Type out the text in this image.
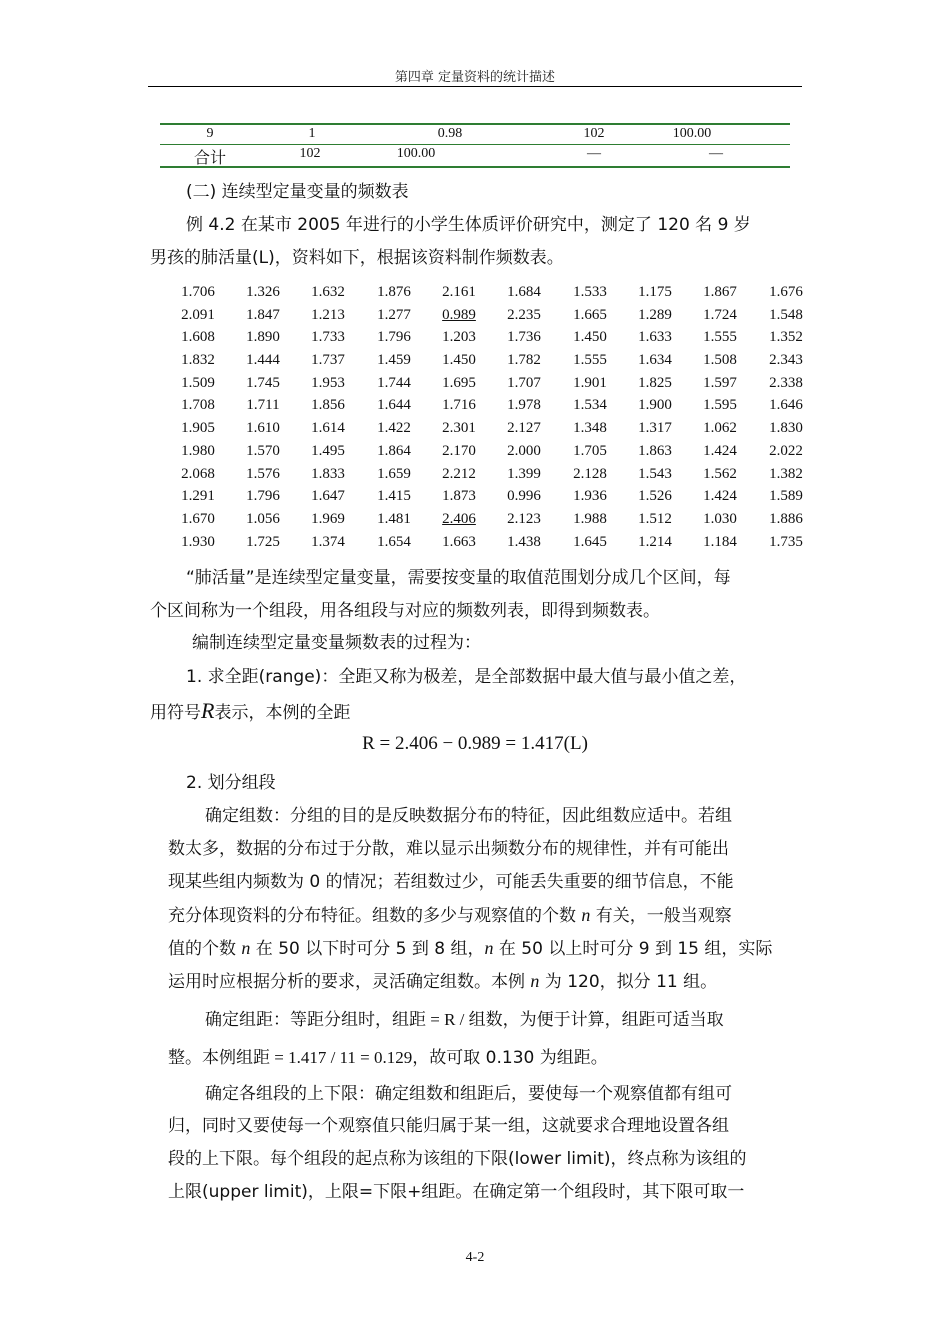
第四章 定量资料的统计描述
9	1	0.98	102	100.00
合计	102	100.00	—	—
(二) 连续型定量变量的频数表
例 4.2 在某市 2005 年进行的小学生体质评价研究中，测定了 120 名 9 岁
男孩的肺活量(L)，资料如下，根据该资料制作频数表。
1.706	1.326	1.632	1.876	2.161	1.684	1.533	1.175	1.867	1.676
2.091	1.847	1.213	1.277	0.989	2.235	1.665	1.289	1.724	1.548
1.608	1.890	1.733	1.796	1.203	1.736	1.450	1.633	1.555	1.352
1.832	1.444	1.737	1.459	1.450	1.782	1.555	1.634	1.508	2.343
1.509	1.745	1.953	1.744	1.695	1.707	1.901	1.825	1.597	2.338
1.708	1.711	1.856	1.644	1.716	1.978	1.534	1.900	1.595	1.646
1.905	1.610	1.614	1.422	2.301	2.127	1.348	1.317	1.062	1.830
1.980	1.570	1.495	1.864	2.170	2.000	1.705	1.863	1.424	2.022
2.068	1.576	1.833	1.659	2.212	1.399	2.128	1.543	1.562	1.382
1.291	1.796	1.647	1.415	1.873	0.996	1.936	1.526	1.424	1.589
1.670	1.056	1.969	1.481	2.406	2.123	1.988	1.512	1.030	1.886
1.930	1.725	1.374	1.654	1.663	1.438	1.645	1.214	1.184	1.735
“肺活量”是连续型定量变量，需要按变量的取值范围划分成几个区间，每
个区间称为一个组段，用各组段与对应的频数列表，即得到频数表。
编制连续型定量变量频数表的过程为：
1. 求全距(range)：全距又称为极差，是全部数据中最大值与最小值之差，
用符号R表示，本例的全距
R = 2.406 − 0.989 = 1.417(L)
2. 划分组段
确定组数：分组的目的是反映数据分布的特征，因此组数应适中。若组
数太多，数据的分布过于分散，难以显示出频数分布的规律性，并有可能出
现某些组内频数为 0 的情况；若组数过少，可能丢失重要的细节信息，不能
充分体现资料的分布特征。组数的多少与观察值的个数 n 有关，一般当观察
值的个数 n 在 50 以下时可分 5 到 8 组，n 在 50 以上时可分 9 到 15 组，实际
运用时应根据分析的要求，灵活确定组数。本例 n 为 120，拟分 11 组。
确定组距：等距分组时，组距 = R / 组数，为便于计算，组距可适当取
整。本例组距 = 1.417 / 11 = 0.129，故可取 0.130 为组距。
确定各组段的上下限：确定组数和组距后，要使每一个观察值都有组可
归，同时又要使每一个观察值只能归属于某一组，这就要求合理地设置各组
段的上下限。每个组段的起点称为该组的下限(lower limit)，终点称为该组的
上限(upper limit)，上限=下限+组距。在确定第一个组段时，其下限可取一
4-2
